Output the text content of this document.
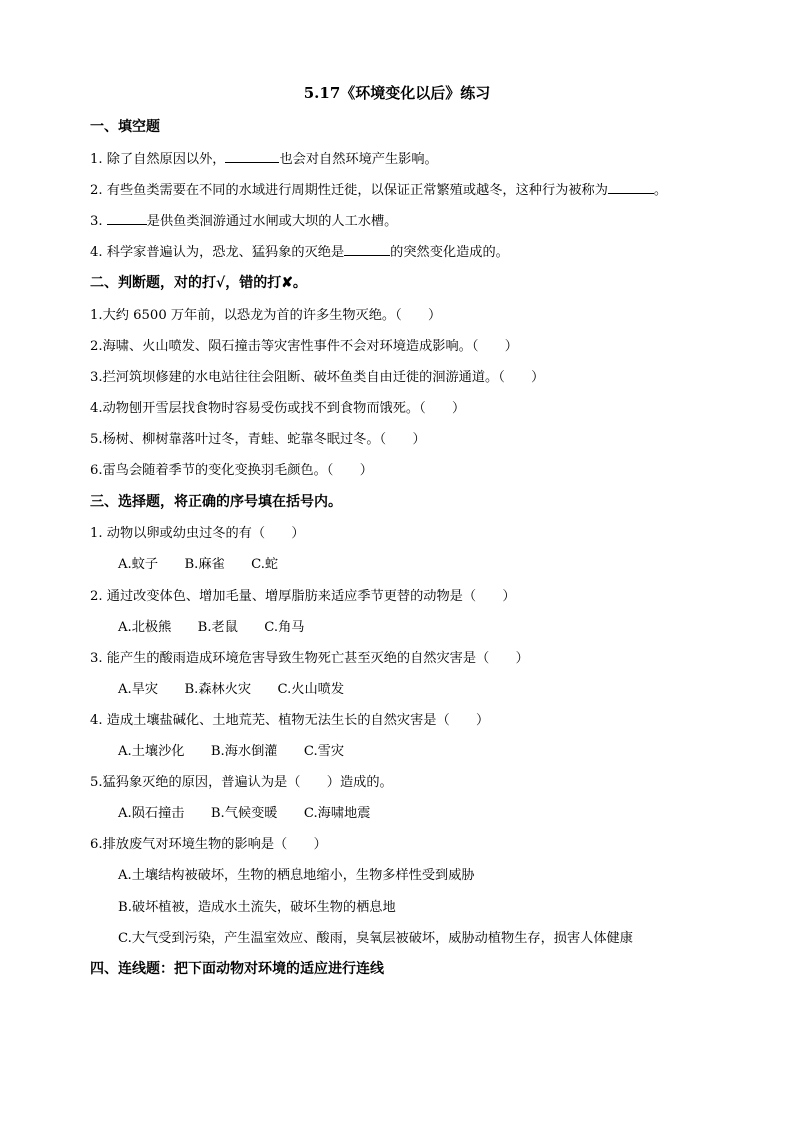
5.17《环境变化以后》练习
一、填空题
1. 除了自然原因以外，	也会对自然环境产生影响。
2. 有些鱼类需要在不同的水域进行周期性迁徙，以保证正常繁殖或越冬，这种行为被称为	。
3.	是供鱼类洄游通过水闸或大坝的人工水槽。
4. 科学家普遍认为，恐龙、猛犸象的灭绝是	的突然变化造成的。
二、判断题，对的打√，错的打✘。
1.大约 6500 万年前，以恐龙为首的许多生物灭绝。（　　）
2.海啸、火山喷发、陨石撞击等灾害性事件不会对环境造成影响。（　　）
3.拦河筑坝修建的水电站往往会阻断、破坏鱼类自由迁徙的洄游通道。（　　）
4.动物刨开雪层找食物时容易受伤或找不到食物而饿死。（　　）
5.杨树、柳树靠落叶过冬，青蛙、蛇靠冬眠过冬。（　　）
6.雷鸟会随着季节的变化变换羽毛颜色。（　　）
三、选择题，将正确的序号填在括号内。
1. 动物以卵或幼虫过冬的有（　　）
A.蚊子　　B.麻雀　　C.蛇
2. 通过改变体色、增加毛量、增厚脂肪来适应季节更替的动物是（　　）
A.北极熊　　B.老鼠　　C.角马
3. 能产生的酸雨造成环境危害导致生物死亡甚至灭绝的自然灾害是（　　）
A.旱灾　　B.森林火灾　　C.火山喷发
4. 造成土壤盐碱化、土地荒芜、植物无法生长的自然灾害是（　　）
A.土壤沙化　　B.海水倒灌　　C.雪灾
5.猛犸象灭绝的原因，普遍认为是（　　）造成的。
A.陨石撞击　　B.气候变暖　　C.海啸地震
6.排放废气对环境生物的影响是（　　）
A.土壤结构被破坏，生物的栖息地缩小，生物多样性受到威胁
B.破坏植被，造成水土流失，破坏生物的栖息地
C.大气受到污染，产生温室效应、酸雨，臭氧层被破坏，威胁动植物生存，损害人体健康
四、连线题：把下面动物对环境的适应进行连线
